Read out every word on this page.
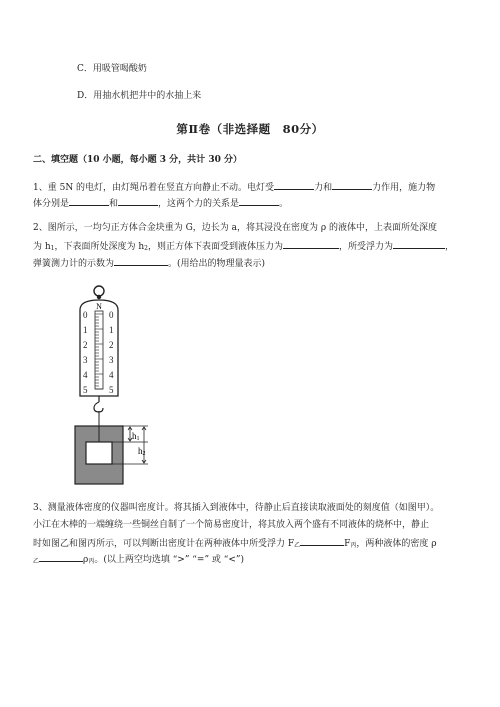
C．用吸管喝酸奶
D．用抽水机把井中的水抽上来
第Ⅱ卷（非选择题　80分）
二、填空题（10 小题，每小题 3 分，共计 30 分）
1、重 5N 的电灯，由灯绳吊着在竖直方向静止不动。电灯受	力和	力作用，施力物
体分别是	和	，这两个力的关系是	。
2、图所示，一均匀正方体合金块重为 G，边长为 a，将其浸没在密度为 ρ 的液体中，上表面所处深度
为 $h_1$，下表面所处深度为 $h_2$，则正方体下表面受到液体压力为	，所受浮力为	，
弹簧测力计的示数为	。(用给出的物理量表示)
N
0
1
2
3
4
5
0
1
2
3
4
5
h1
h2
3、测量液体密度的仪器叫密度计。将其插入到液体中，待静止后直接读取液面处的刻度值（如图甲）。
小江在木棒的一端缠绕一些铜丝自制了一个简易密度计，将其放入两个盛有不同液体的烧杯中，静止
时如图乙和图丙所示，可以判断出密度计在两种液体中所受浮力 $F_乙$	$F_丙$，两种液体的密度 ρ
$_乙$	$\rho_丙$。(以上两空均选填 “>” “=” 或 “<”)
